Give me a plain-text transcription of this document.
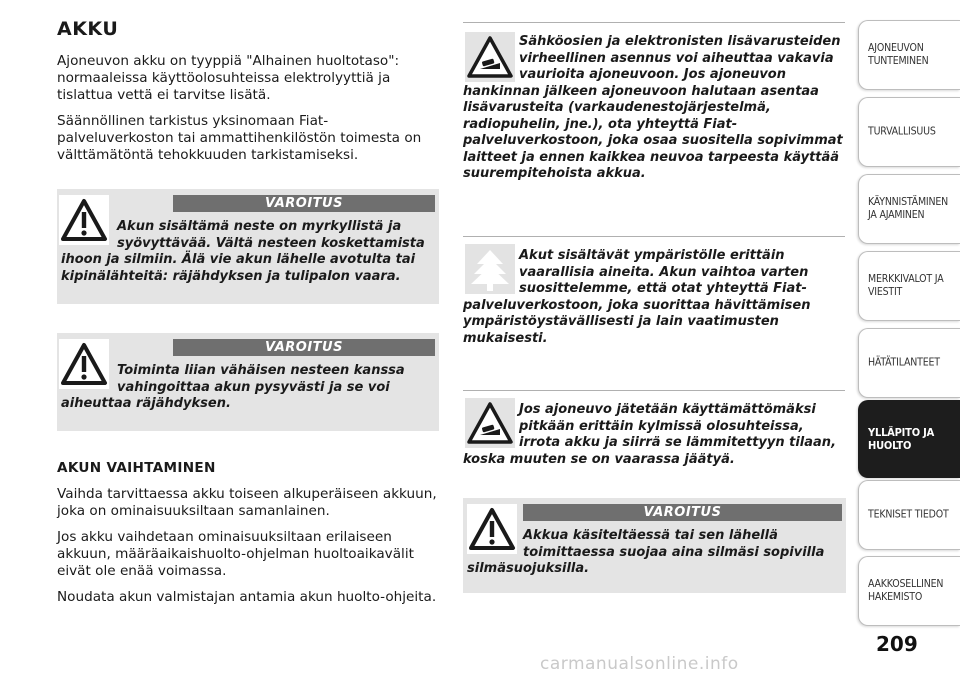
AKKU

Ajoneuvon akku on tyyppiä "Alhainen huoltotaso": normaaleissa käyttöolosuhteissa elektrolyyttiä ja tislattua vettä ei tarvitse lisätä.

Säännöllinen tarkistus yksinomaan Fiat-palveluverkoston tai ammattihenkilöstön toimesta on välttämätöntä tehokkuuden tarkistamiseksi.

VAROITUS
Akun sisältämä neste on myrkyllistä ja syövyttävää. Vältä nesteen koskettamista ihoon ja silmiin. Älä vie akun lähelle avotulta tai kipinälähteitä: räjähdyksen ja tulipalon vaara.
VAROITUS
Toiminta liian vähäisen nesteen kanssa vahingoittaa akun pysyvästi ja se voi aiheuttaa räjähdyksen.
AKUN VAIHTAMINEN

Vaihda tarvittaessa akku toiseen alkuperäiseen akkuun, joka on ominaisuuksiltaan samanlainen.

Jos akku vaihdetaan ominaisuuksiltaan erilaiseen akkuun, määräaikaishuolto-ohjelman huoltoaikavälit eivät ole enää voimassa.

Noudata akun valmistajan antamia akun huolto-ohjeita.

Sähköosien ja elektronisten lisävarusteiden virheellinen asennus voi aiheuttaa vakavia vaurioita ajoneuvoon. Jos ajoneuvon hankinnan jälkeen ajoneuvoon halutaan asentaa lisävarusteita (varkaudenestojärjestelmä, radiopuhelin, jne.), ota yhteyttä Fiat-palveluverkostoon, joka osaa suositella sopivimmat laitteet ja ennen kaikkea neuvoa tarpeesta käyttää suurempitehoista akkua.
Akut sisältävät ympäristölle erittäin vaarallisia aineita. Akun vaihtoa varten suosittelemme, että otat yhteyttä Fiat-palveluverkostoon, joka suorittaa hävittämisen ympäristöystävällisesti ja lain vaatimusten mukaisesti.
Jos ajoneuvo jätetään käyttämättömäksi pitkään erittäin kylmissä olosuhteissa, irrota akku ja siirrä se lämmitettyyn tilaan, koska muuten se on vaarassa jäätyä.
VAROITUS
Akkua käsiteltäessä tai sen lähellä toimittaessa suojaa aina silmäsi sopivilla silmäsuojuksilla.
AJONEUVON
TUNTEMINEN
TURVALLISUUS
KÄYNNISTÄMINEN
JA AJAMINEN
MERKKIVALOT JA
VIESTIT
HÄTÄTILANTEET
YLLÄPITO JA
HUOLTO
TEKNISET TIEDOT
AAKKOSELLINEN
HAKEMISTO
209
carmanualsonline.info
